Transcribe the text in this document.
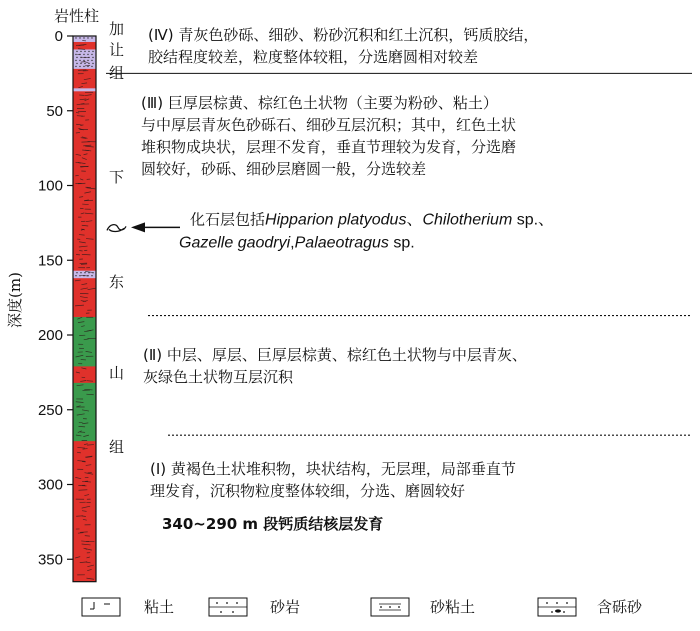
岩性柱
深度(m)
0
50
100
150
200
250
300
350
加
让
组
下
东
山
组
(Ⅳ) 青灰色砂砾、细砂、粉砂沉积和红土沉积，钙质胶结，
胶结程度较差，粒度整体较粗，分选磨圆相对较差
(Ⅲ) 巨厚层棕黄、棕红色土状物（主要为粉砂、粘土）
与中厚层青灰色砂砾石、细砂互层沉积；其中，红色土状
堆积物成块状，层理不发育，垂直节理较为发育，分选磨
圆较好，砂砾、细砂层磨圆一般，分选较差
(Ⅱ) 中层、厚层、巨厚层棕黄、棕红色土状物与中层青灰、
灰绿色土状物互层沉积
(Ⅰ) 黄褐色土状堆积物，块状结构，无层理，局部垂直节
理发育，沉积物粒度整体较细，分选、磨圆较好
340~290 m 段钙质结核层发育
化石层包括Hipparion platyodus、Chilotherium sp.、
Gazelle gaodryi,Palaeotragus sp.
粘土	砂岩	砂粘土	含砾砂
